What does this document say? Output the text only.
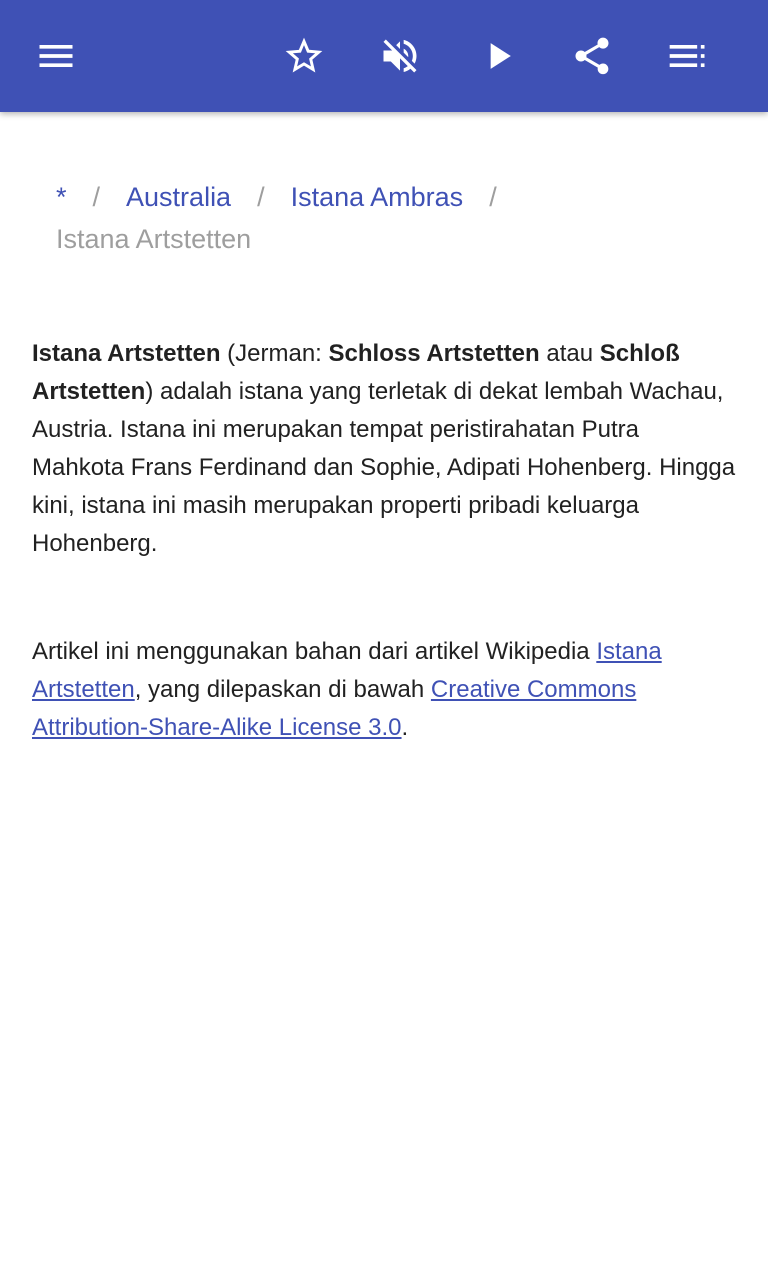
* / Australia / Istana Ambras /
Istana Artstetten

Istana Artstetten (Jerman: Schloss Artstetten atau Schloß Artstetten) adalah istana yang terletak di dekat lembah Wachau, Austria. Istana ini merupakan tempat peristirahatan Putra Mahkota Frans Ferdinand dan Sophie, Adipati Hohenberg. Hingga kini, istana ini masih merupakan properti pribadi keluarga Hohenberg.

Artikel ini menggunakan bahan dari artikel Wikipedia Istana Artstetten, yang dilepaskan di bawah Creative Commons Attribution-Share-Alike License 3.0.
